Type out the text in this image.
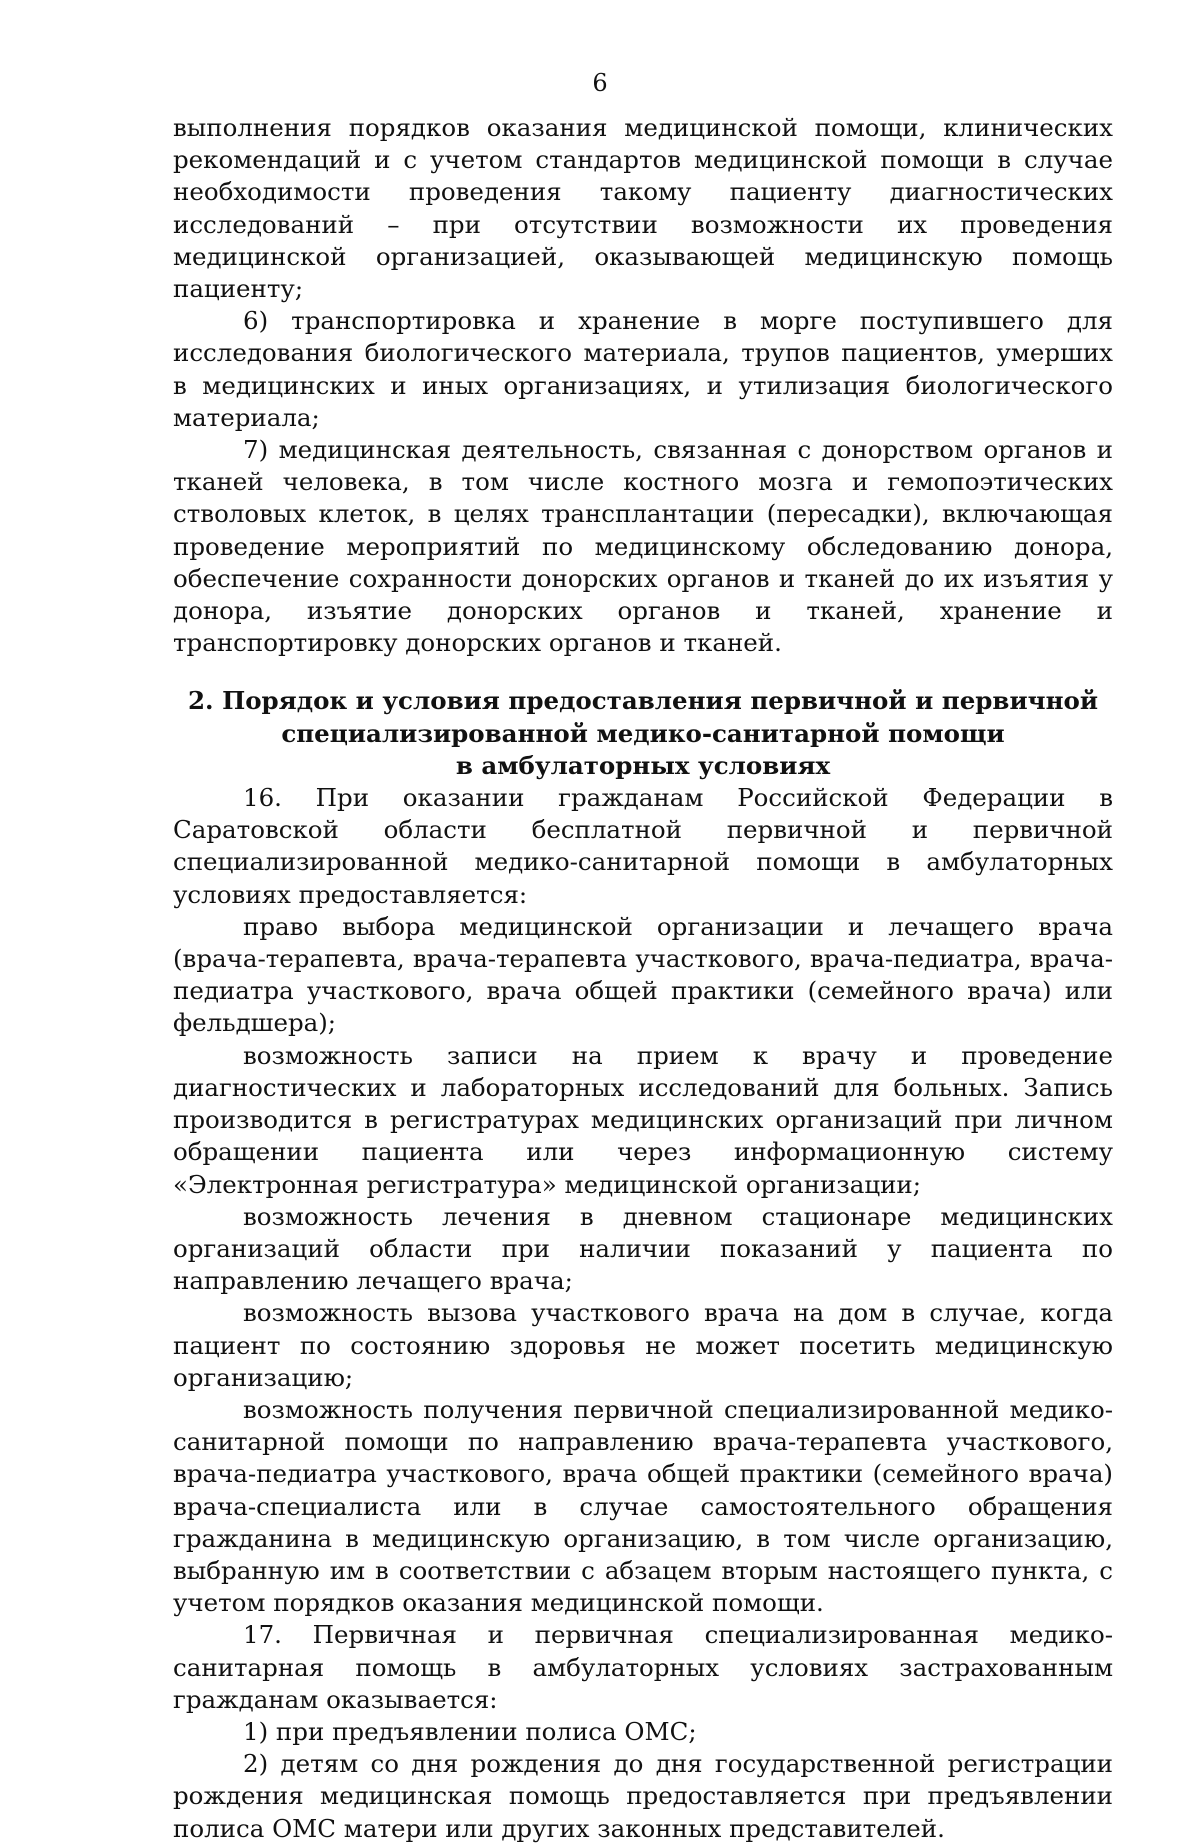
6

выполнения порядков оказания медицинской помощи, клинических рекомендаций и с учетом стандартов медицинской помощи в случае необходимости проведения такому пациенту диагностических исследований – при отсутствии возможности их проведения медицинской организацией, оказывающей медицинскую помощь пациенту;

6) транспортировка и хранение в морге поступившего для исследования биологического материала, трупов пациентов, умерших в медицинских и иных организациях, и утилизация биологического материала;

7) медицинская деятельность, связанная с донорством органов и тканей человека, в том числе костного мозга и гемопоэтических стволовых клеток, в целях трансплантации (пересадки), включающая проведение мероприятий по медицинскому обследованию донора, обеспечение сохранности донорских органов и тканей до их изъятия у донора, изъятие донорских органов и тканей, хранение и транспортировку донорских органов и тканей.

2. Порядок и условия предоставления первичной и первичной
специализированной медико-санитарной помощи
в амбулаторных условиях

16. При оказании гражданам Российской Федерации в Саратовской области бесплатной первичной и первичной специализированной медико-санитарной помощи в амбулаторных условиях предоставляется:

право выбора медицинской организации и лечащего врача (врача-терапевта, врача-терапевта участкового, врача-педиатра, врача-педиатра участкового, врача общей практики (семейного врача) или фельдшера);

возможность записи на прием к врачу и проведение диагностических и лабораторных исследований для больных. Запись производится в регистратурах медицинских организаций при личном обращении пациента или через информационную систему «Электронная регистратура» медицинской организации;

возможность лечения в дневном стационаре медицинских организаций области при наличии показаний у пациента по направлению лечащего врача;

возможность вызова участкового врача на дом в случае, когда пациент по состоянию здоровья не может посетить медицинскую организацию;

возможность получения первичной специализированной медико-санитарной помощи по направлению врача-терапевта участкового, врача-педиатра участкового, врача общей практики (семейного врача) врача-специалиста или в случае самостоятельного обращения гражданина в медицинскую организацию, в том числе организацию, выбранную им в соответствии с абзацем вторым настоящего пункта, с учетом порядков оказания медицинской помощи.

17. Первичная и первичная специализированная медико-санитарная помощь в амбулаторных условиях застрахованным гражданам оказывается:

1) при предъявлении полиса ОМС;

2) детям со дня рождения до дня государственной регистрации рождения медицинская помощь предоставляется при предъявлении полиса ОМС матери или других законных представителей.
